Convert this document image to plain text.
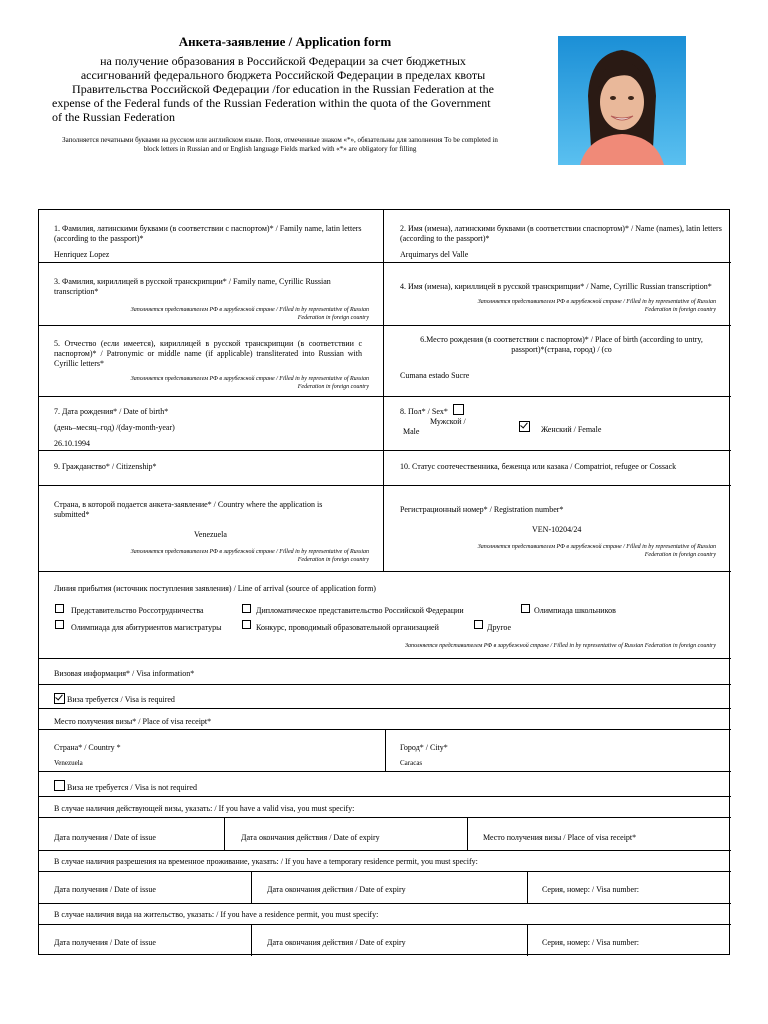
Анкета-заявление / Application form
на получение образования в Российской Федерации за счет бюджетных
ассигнований федерального бюджета Российской Федерации в пределах квоты
Правительства Российской Федерации /for education in the Russian Federation at the
expense of the Federal funds of the Russian Federation within the quota of the Government
of the Russian Federation
Заполняется печатными буквами на русском или английском языке. Поля, отмеченные знаком «*», обязательны для заполнения To be completed in block letters in Russian and or English language Fields marked with «*» are obligatory for filling
1. Фамилия, латинскими буквами (в соответствии с паспортом)* / Family name, latin letters (according to the passport)*
Henriquez Lopez
2. Имя (имена), латинскими буквами (в соответствии спаспортом)* / Name (names), latin letters (according to the passport)*
Arquimarys del Valle
3. Фамилия, кириллицей в русской транскрипции* / Family name, Cyrillic Russian transcription*
Заполняется представителем РФ в зарубежной стране / Filled in by representative of Russian
Federation in foreign country
4. Имя (имена), кириллицей в русской транскрипции* / Name, Cyrillic Russian transcription*
Заполняется представителем РФ в зарубежной стране / Filled in by representative of Russian
Federation in foreign country
5. Отчество (если имеется), кириллицей в русской транскрипции (в соответствии с паспортом)* / Patronymic or middle name (if applicable) transliterated into Russian with Cyrillic letters*
Заполняется представителем РФ в зарубежной стране / Filled in by representative of Russian
Federation in foreign country
6.Место рождения (в соответствии с паспортом)* / Place of birth (according to untry, passport)*(страна, город) / (co
Cumana estado Sucre
7. Дата рождения* / Date of birth*
(день–месяц–год) /(day-month-year)
26.10.1994
8. Пол* / Sex*
Мужской /
Male	Женский / Female
9. Гражданство* / Citizenship*	10. Статус соотечественника, беженца или казака / Compatriot, refugee or Cossack
Страна, в которой подается анкета-заявление* / Country where the application is submitted*
Venezuela
Заполняется представителем РФ в зарубежной стране / Filled in by representative of Russian
Federation in foreign country
Регистрационный номер* / Registration number*
VEN-10204/24
Заполняется представителем РФ в зарубежной стране / Filled in by representative of Russian
Federation in foreign country
Линия прибытия (источник поступления заявления) / Line of arrival (source of application form)
Представительство Россотрудничества	Дипломатическое представительство Российской Федерации	Олимпиада школьников
Олимпиада для абитуриентов магистратуры	Конкурс, проводимый образовательной организацией	Другое
Заполняется представителем РФ в зарубежной стране / Filled in by representative of Russian Federation in foreign country
Визовая информация* / Visa information*
Виза требуется / Visa is required
Место получения визы* / Place of visa receipt*
Страна* / Country *
Venezuela
Город* / City*
Caracas
Виза не требуется / Visa is not required
В случае наличия действующей визы, указать: / If you have a valid visa, you must specify:
Дата получения / Date of issue	Дата окончания действия / Date of expiry	Место получения визы / Place of visa receipt*
В случае наличия разрешения на временное проживание, указать: / If you have a temporary residence permit, you must specify:
Дата получения / Date of issue	Дата окончания действия / Date of expiry	Серия, номер: / Visa number:
В случае наличия вида на жительство, указать: / If you have a residence permit, you must specify:
Дата получения / Date of issue	Дата окончания действия / Date of expiry	Серия, номер: / Visa number:
